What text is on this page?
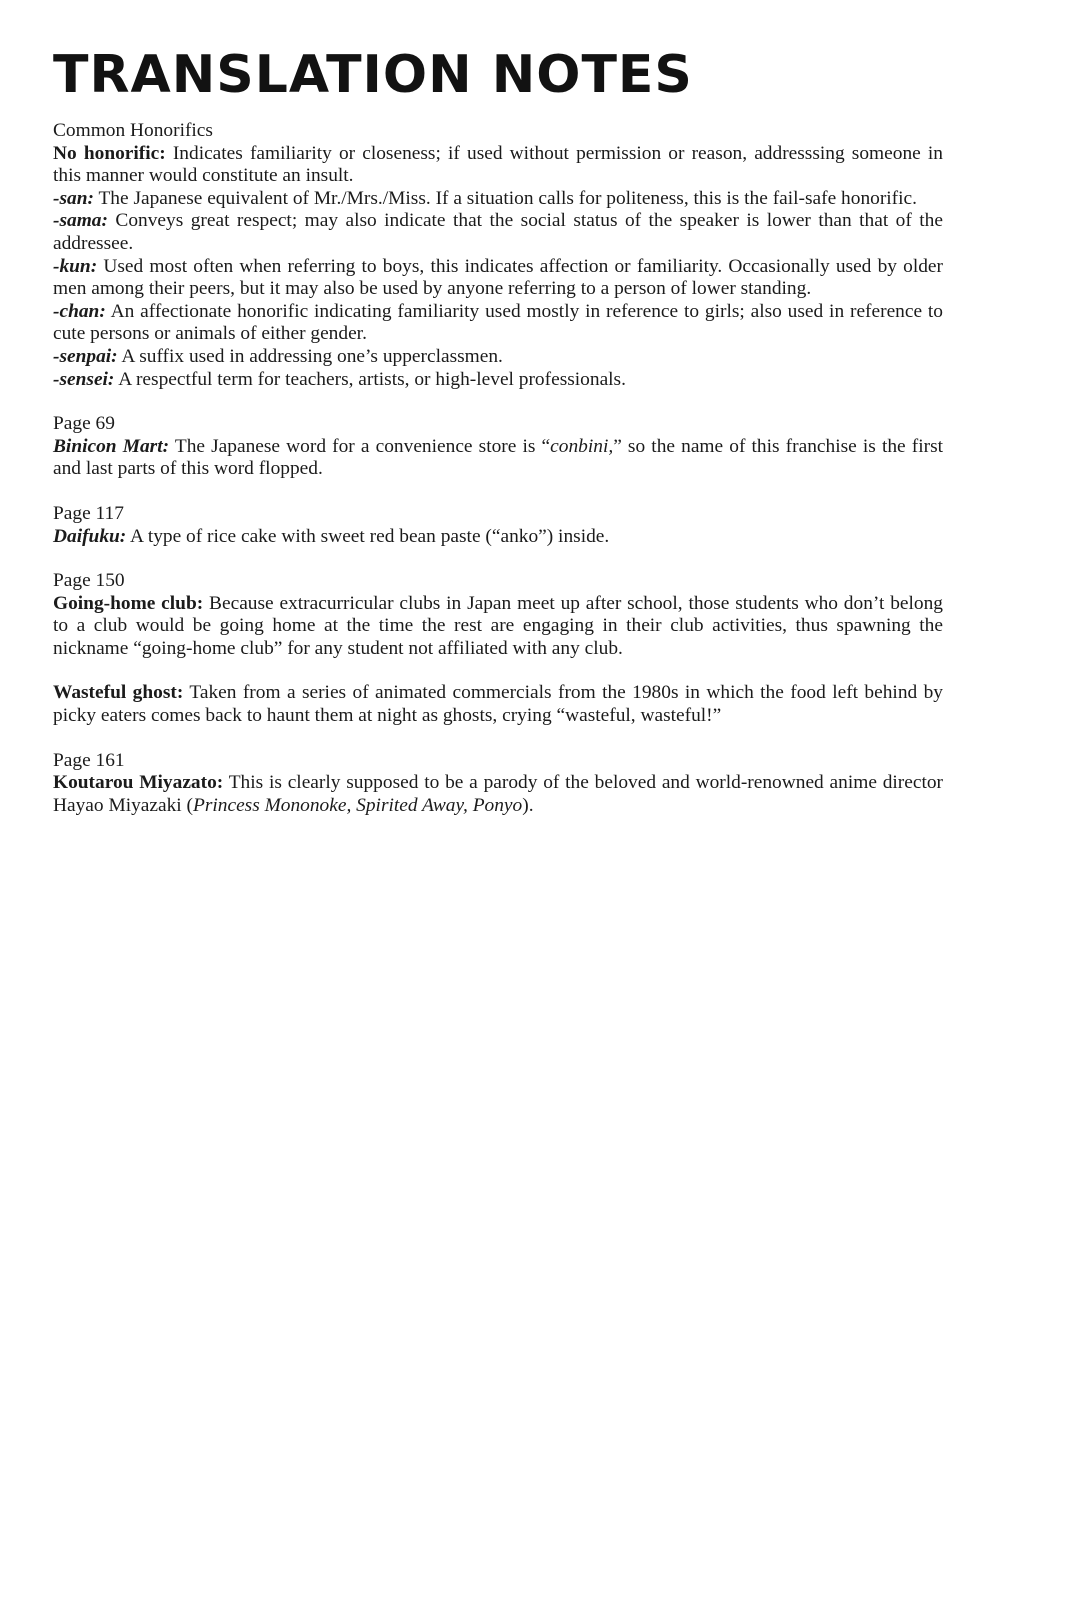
TRANSLATION NOTES
Common Honorifics
No honorific: Indicates familiarity or closeness; if used without permission or reason, addresssing someone in this manner would constitute an insult.
-san: The Japanese equivalent of Mr./Mrs./Miss. If a situation calls for politeness, this is the fail-safe honorific.
-sama: Conveys great respect; may also indicate that the social status of the speaker is lower than that of the addressee.
-kun: Used most often when referring to boys, this indicates affection or familiarity. Occasionally used by older men among their peers, but it may also be used by anyone referring to a person of lower standing.
-chan: An affectionate honorific indicating familiarity used mostly in reference to girls; also used in reference to cute persons or animals of either gender.
-senpai: A suffix used in addressing one’s upperclassmen.
-sensei: A respectful term for teachers, artists, or high-level professionals.
Page 69
Binicon Mart: The Japanese word for a convenience store is “conbini,” so the name of this franchise is the first and last parts of this word flopped.
Page 117
Daifuku: A type of rice cake with sweet red bean paste (“anko”) inside.
Page 150
Going-home club: Because extracurricular clubs in Japan meet up after school, those students who don’t belong to a club would be going home at the time the rest are engaging in their club activities, thus spawning the nickname “going-home club” for any student not affiliated with any club.
Wasteful ghost: Taken from a series of animated commercials from the 1980s in which the food left behind by picky eaters comes back to haunt them at night as ghosts, crying “wasteful, wasteful!”
Page 161
Koutarou Miyazato: This is clearly supposed to be a parody of the beloved and world-renowned anime director Hayao Miyazaki (Princess Mononoke, Spirited Away, Ponyo).
